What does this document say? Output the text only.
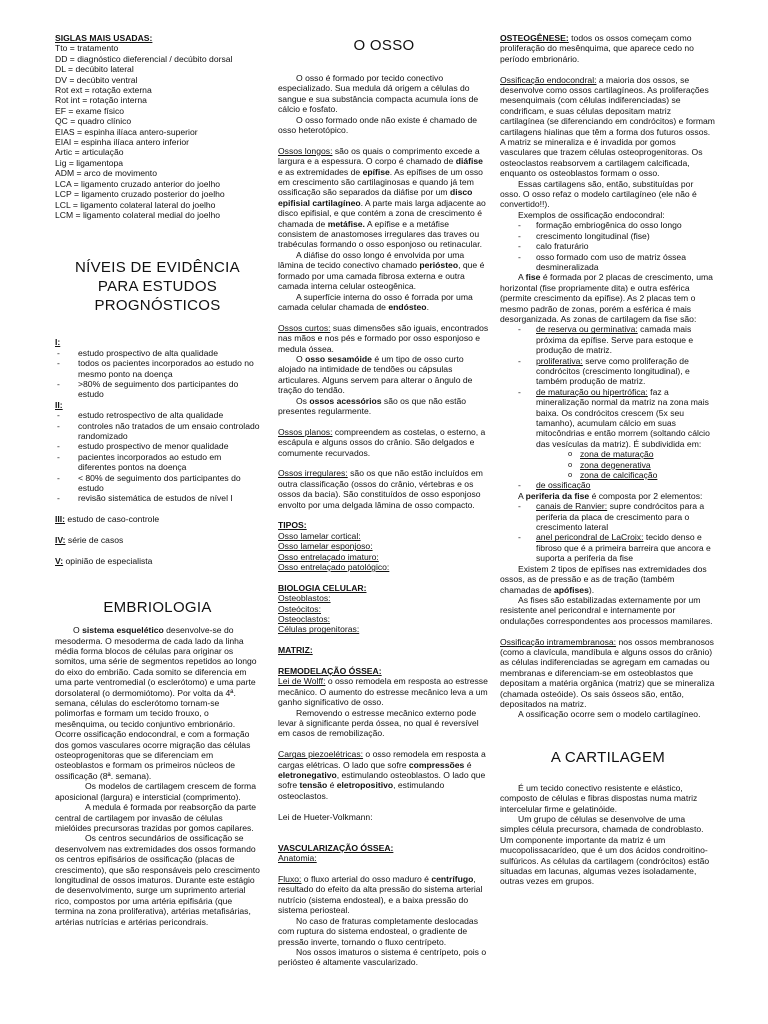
SIGLAS MAIS USADAS:

Tto = tratamento

DD = diagnóstico dieferencial / decúbito dorsal

DL = decúbito lateral

DV = decúbito ventral

Rot ext = rotação externa

Rot int = rotação interna

EF = exame físico

QC = quadro clínico

EIAS = espinha ilíaca antero-superior

EIAI = espinha ilíaca antero inferior

Artic = articulação

Lig = ligamentopa

ADM = arco de movimento

LCA = ligamento cruzado anterior do joelho

LCP = ligamento cruzado posterior do joelho

LCL = ligamento colateral lateral do joelho

LCM = ligamento colateral medial do joelho

NÍVEIS DE EVIDÊNCIA PARA ESTUDOS PROGNÓSTICOS

I:

- estudo prospectivo de alta qualidade
- todos os pacientes incorporados ao estudo no mesmo ponto na doença
- >80% de seguimento dos participantes do estudo

II:

- estudo retrospectivo de alta qualidade
- controles não tratados de um ensaio controlado randomizado
- estudo prospectivo de menor qualidade
- pacientes incorporados ao estudo em diferentes pontos na doença
- < 80% de seguimento dos participantes do estudo
- revisão sistemática de estudos de nível I

III: estudo de caso-controle

IV: série de casos

V: opinião de especialista

EMBRIOLOGIA

O sistema esquelético desenvolve-se do mesoderma. O mesoderma de cada lado da linha média forma blocos de células para originar os somitos, uma série de segmentos repetidos ao longo do eixo do embrião. Cada somito se diferencia em uma parte ventromedial (o esclerótomo) e uma parte dorsolateral (o dermomiótomo). Por volta da 4ª. semana, células do esclerótomo tornam-se polimorfas e formam um tecido frouxo, o mesênquima, ou tecido conjuntivo embrionário. Ocorre ossificação endocondral, e com a formação dos gomos vasculares ocorre migração das células osteoprogenitoras que se diferenciam em osteoblastos e formam os primeiros núcleos de ossificação (8ª. semana).

Os modelos de cartilagem crescem de forma aposicional (largura) e intersticial (comprimento).

A medula é formada por reabsorção da parte central de cartilagem por invasão de células mielóides precursoras trazidas por gomos capilares.

Os centros secundários de ossificação se desenvolvem nas extremidades dos ossos formando os centros epifisários de ossificação (placas de crescimento), que são responsáveis pelo crescimento longitudinal de ossos imaturos. Durante este estágio de desenvolvimento, surge um suprimento arterial rico, compostos por uma artéria epifisária (que termina na zona proliferativa), artérias metafisárias, artérias nutrícias e artérias pericondrais.

O OSSO

O osso é formado por tecido conectivo especializado. Sua medula dá origem a células do sangue e sua substância compacta acumula íons de cálcio e fosfato.

O osso formado onde não existe é chamado de osso heterotópico.

Ossos longos: são os quais o comprimento excede a largura e a espessura. O corpo é chamado de diáfise e as extremidades de epífise. As epífises de um osso em crescimento são cartilaginosas e quando já tem ossificação são separados da diáfise por um disco epifisial cartilagíneo. A parte mais larga adjacente ao disco epifisial, e que contém a zona de crescimento é chamada de metáfise. A epífise e a metáfise consistem de anastomoses irregulares das traves ou trabéculas formando o osso esponjoso ou retinacular.

A diáfise do osso longo é envolvida por uma lâmina de tecido conectivo chamado periósteo, que é formado por uma camada fibrosa externa e outra camada interna celular osteogênica.

A superfície interna do osso é forrada por uma camada celular chamada de endósteo.

Ossos curtos: suas dimensões são iguais, encontrados nas mãos e nos pés e formado por osso esponjoso e medula óssea.

O osso sesamóide é um tipo de osso curto alojado na intimidade de tendões ou cápsulas articulares. Alguns servem para alterar o ângulo de tração do tendão.

Os ossos acessórios são os que não estão presentes regularmente.

Ossos planos: compreendem as costelas, o esterno, a escápula e alguns ossos do crânio. São delgados e comumente recurvados.

Ossos irregulares: são os que não estão incluídos em outra classificação (ossos do crânio, vértebras e os ossos da bacia). São constituídos de osso esponjoso envolto por uma delgada lâmina de osso compacto.

TIPOS:

Osso lamelar cortical:

Osso lamelar esponjoso:

Osso entrelaçado imaturo:

Osso entrelaçado patológico:

BIOLOGIA CELULAR:

Osteoblastos:

Osteócitos:

Osteoclastos:

Células progenitoras:

MATRIZ:

REMODELAÇÃO ÓSSEA:

Lei de Wolff: o osso remodela em resposta ao estresse mecânico. O aumento do estresse mecânico leva a um ganho significativo de osso.

Removendo o estresse mecânico externo pode levar à significante perda óssea, no qual é reversível em casos de remobilização.

Cargas piezoelétricas: o osso remodela em resposta a cargas elétricas. O lado que sofre compressões é eletronegativo, estimulando osteoblastos. O lado que sofre tensão é eletropositivo, estimulando osteoclastos.

Lei de Hueter-Volkmann:

VASCULARIZAÇÃO ÓSSEA:

Anatomia:

Fluxo: o fluxo arterial do osso maduro é centrífugo, resultado do efeito da alta pressão do sistema arterial nutrício (sistema endosteal), e a baixa pressão do sistema periosteal.

No caso de fraturas completamente deslocadas com ruptura do sistema endosteal, o gradiente de pressão inverte, tornando o fluxo centrípeto.

Nos ossos imaturos o sistema é centrípeto, pois o periósteo é altamente vascularizado.

OSTEOGÊNESE: todos os ossos começam como proliferação do mesênquima, que aparece cedo no período embrionário.

Ossificação endocondral: a maioria dos ossos, se desenvolve como ossos cartilagíneos. As proliferações mesenquimais (com células indiferenciadas) se condrificam, e suas células depositam matriz cartilagínea (se diferenciando em condrócitos) e formam cartilagens hialinas que têm a forma dos futuros ossos. A matriz se mineraliza e é invadida por gomos vasculares que trazem células osteoprogenitoras. Os osteoclastos reabsorvem a cartilagem calcificada, enquanto os osteoblastos formam o osso.

Essas cartilagens são, então, substituídas por osso. O osso refaz o modelo cartilagíneo (ele não é convertido!!).

Exemplos de ossificação endocondral:

- formação embriogênica do osso longo
- crescimento longitudinal (fise)
- calo fraturário
- osso formado com uso de matriz óssea desmineralizada

A fise é formada por 2 placas de crescimento, uma horizontal (fise propriamente dita) e outra esférica (permite crescimento da epífise). As 2 placas tem o mesmo padrão de zonas, porém a esférica é mais desorganizada. As zonas de cartilagem da fise são:

- de reserva ou germinativa: camada mais próxima da epífise. Serve para estoque e produção de matriz.
- proliferativa: serve como proliferação de condrócitos (crescimento longitudinal), e também produção de matriz.
- de maturação ou hipertrófica: faz a mineralização normal da matriz na zona mais baixa. Os condrócitos crescem (5x seu tamanho), acumulam cálcio em suas mitocôndrias e então morrem (soltando cálcio das vesículas da matriz). É subdividida em:
o zona de maturação
o zona degenerativa
o zona de calcificação
- de ossificação

A periferia da fise é composta por 2 elementos:

- canais de Ranvier: supre condrócitos para a periferia da placa de crescimento para o crescimento lateral
- anel pericondral de LaCroix: tecido denso e fibroso que é a primeira barreira que ancora e suporta a periferia da fise

Existem 2 tipos de epífises nas extremidades dos ossos, as de pressão e as de tração (também chamadas de apófises).

As fises são estabilizadas externamente por um resistente anel pericondral e internamente por ondulações correspondentes aos processos mamilares.

Ossificação intramembranosa: nos ossos membranosos (como a clavícula, mandíbula e alguns ossos do crânio) as células indiferenciadas se agregam em camadas ou membranas e diferenciam-se em osteoblastos que depositam a matéria orgânica (matriz) que se mineraliza (chamada osteóide). Os sais ósseos são, então, depositados na matriz.

A ossificação ocorre sem o modelo cartilagíneo.

A CARTILAGEM

É um tecido conectivo resistente e elástico, composto de células e fibras dispostas numa matriz intercelular firme e gelatinóide.

Um grupo de células se desenvolve de uma simples célula precursora, chamada de condroblasto. Um componente importante da matriz é um mucopolissacarídeo, que é um dos ácidos condroitino-sulfúricos. As células da cartilagem (condrócitos) estão situadas em lacunas, algumas vezes isoladamente, outras vezes em grupos.
